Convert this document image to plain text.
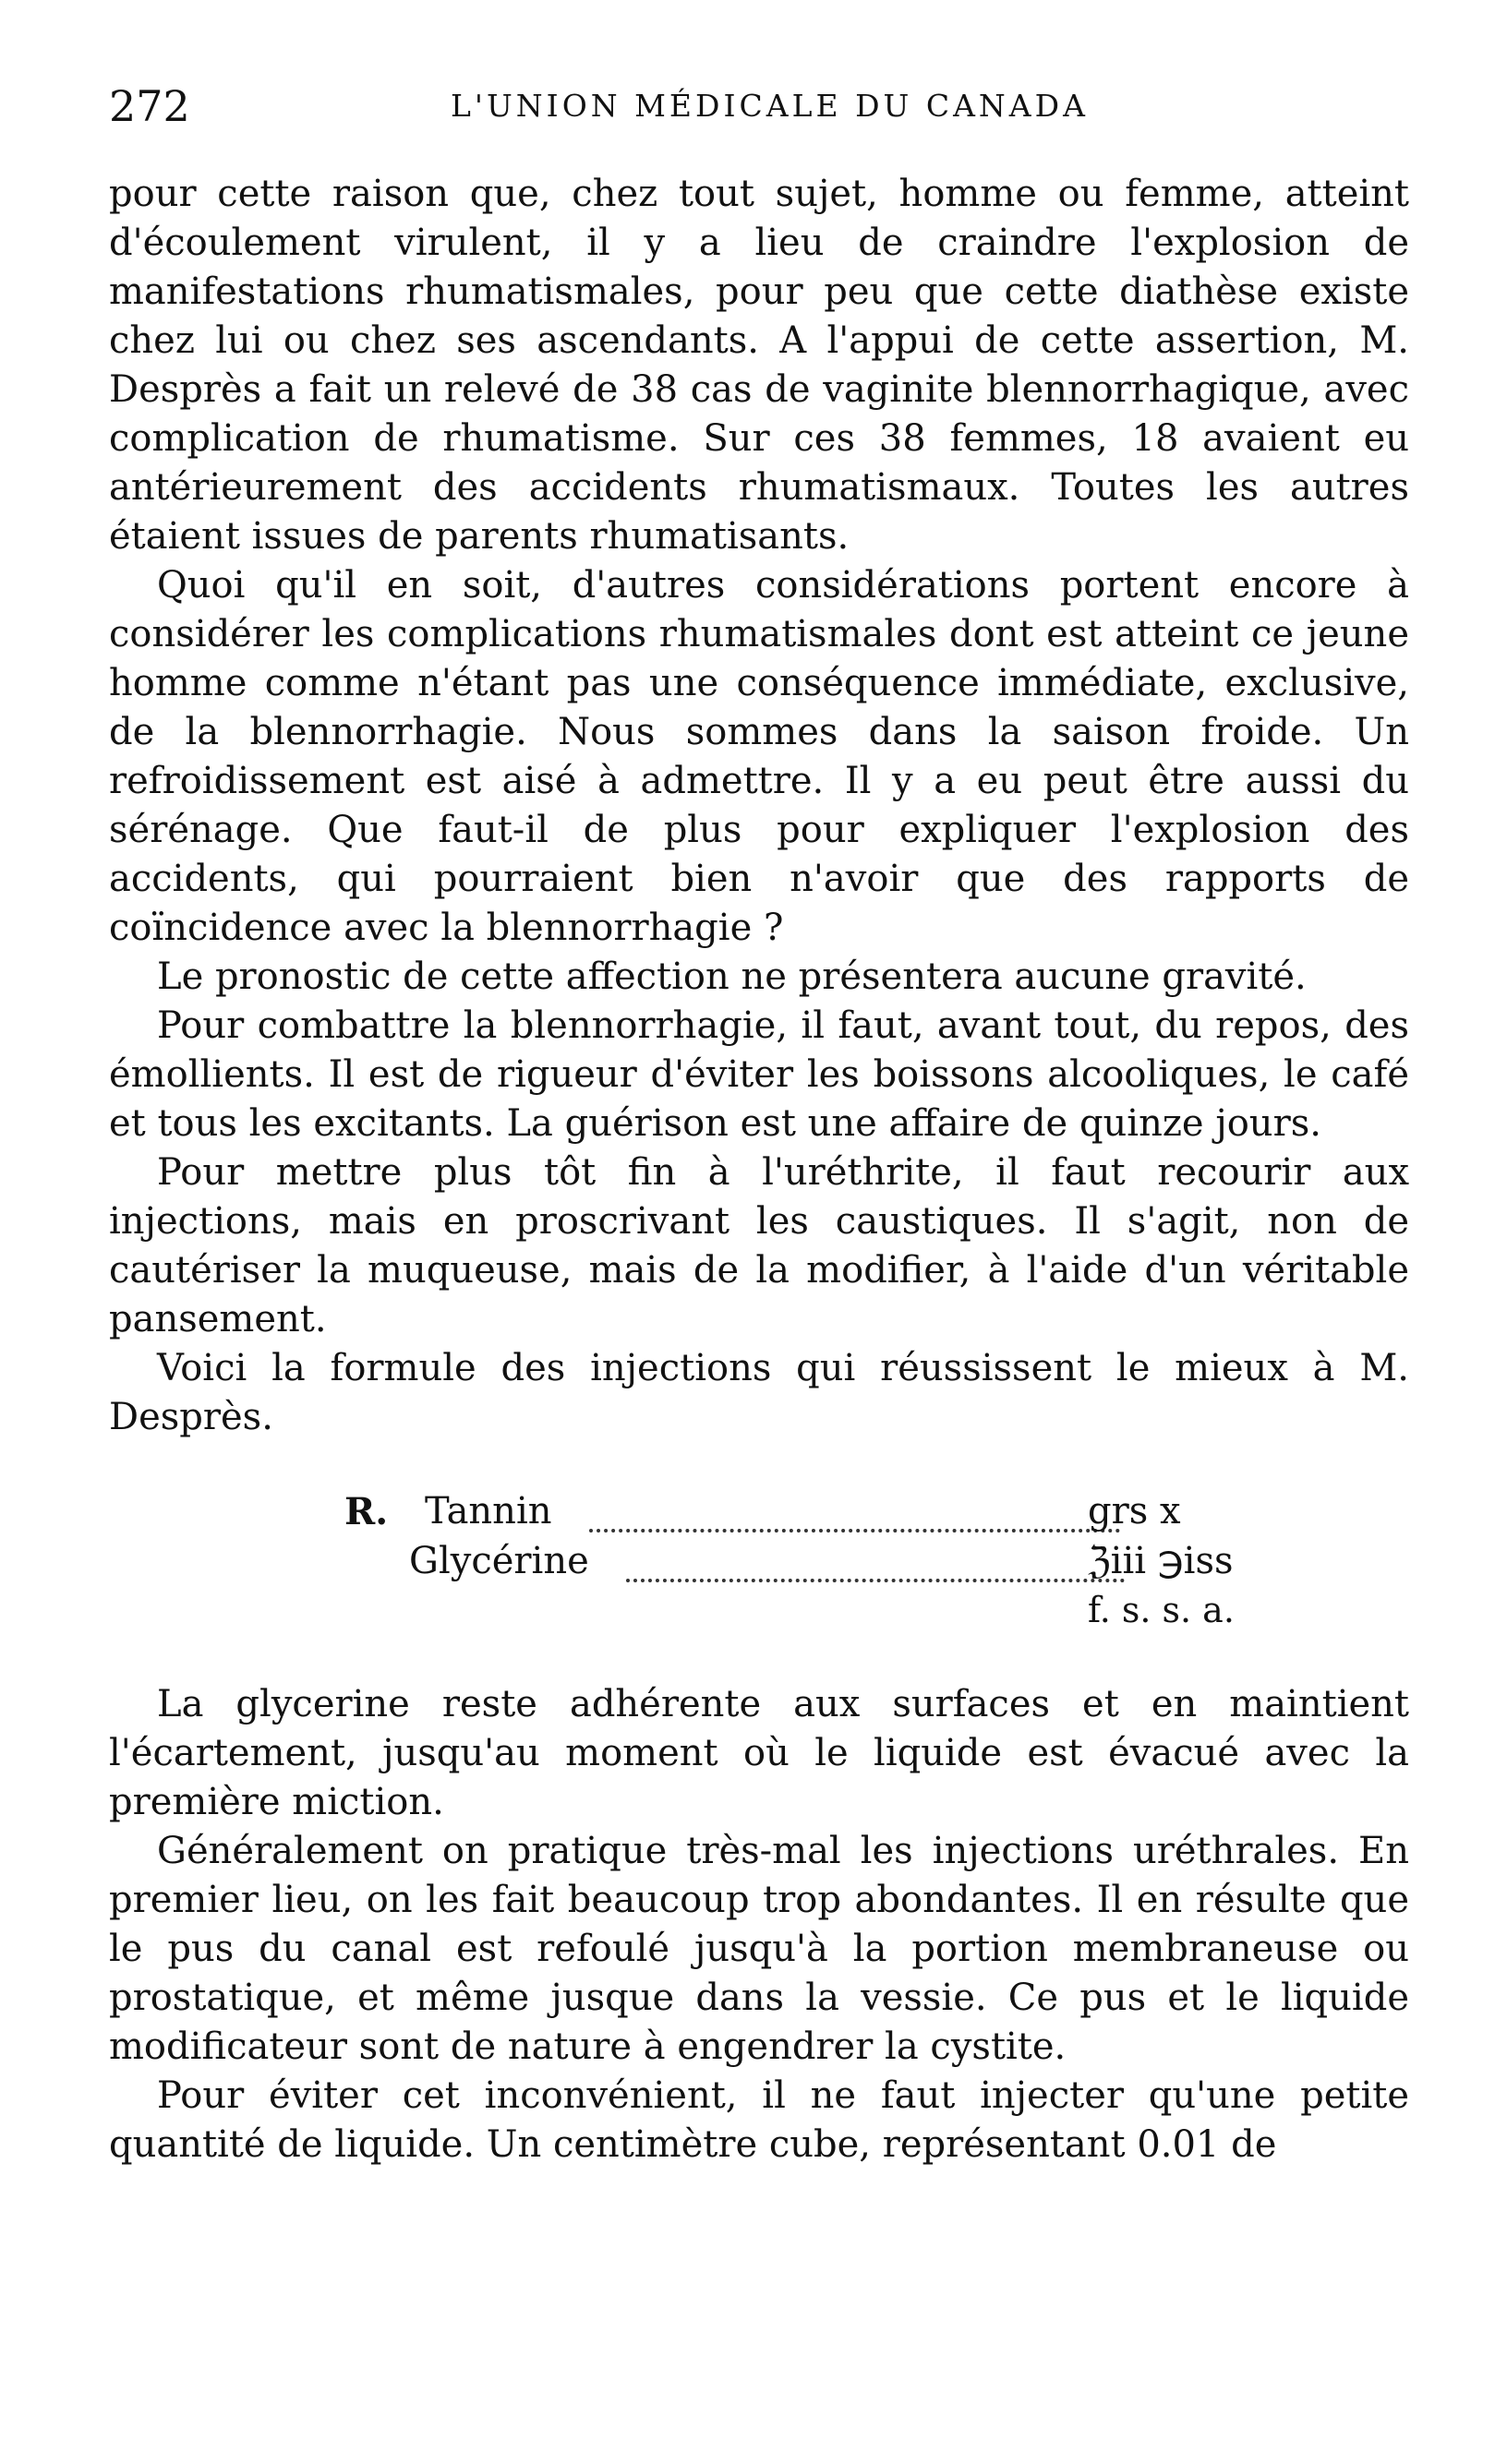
272	L'UNION MÉDICALE DU CANADA

pour cette raison que, chez tout sujet, homme ou femme, atteint d'écoulement virulent, il y a lieu de craindre l'explosion de manifestations rhumatismales, pour peu que cette diathèse existe chez lui ou chez ses ascendants. A l'appui de cette assertion, M. Desprès a fait un relevé de 38 cas de vaginite blennorrhagique, avec complication de rhumatisme. Sur ces 38 femmes, 18 avaient eu antérieurement des accidents rhumatismaux. Toutes les autres étaient issues de parents rhumatisants.

Quoi qu'il en soit, d'autres considérations portent encore à considérer les complications rhumatismales dont est atteint ce jeune homme comme n'étant pas une conséquence immédiate, exclusive, de la blennorrhagie. Nous sommes dans la saison froide. Un refroidissement est aisé à admettre. Il y a eu peut être aussi du sérénage. Que faut-il de plus pour expliquer l'explosion des accidents, qui pourraient bien n'avoir que des rapports de coïncidence avec la blennorrhagie ?

Le pronostic de cette affection ne présentera aucune gravité.

Pour combattre la blennorrhagie, il faut, avant tout, du repos, des émollients. Il est de rigueur d'éviter les boissons alcooliques, le café et tous les excitants. La guérison est une affaire de quinze jours.

Pour mettre plus tôt fin à l'uréthrite, il faut recourir aux injections, mais en proscrivant les caustiques. Il s'agit, non de cautériser la muqueuse, mais de la modifier, à l'aide d'un véritable pansement.

Voici la formule des injections qui réussissent le mieux à M. Desprès.

R. Tannin	grs x
Glycérine	ℨiii ℈iss
f. s. s. a.

La glycerine reste adhérente aux surfaces et en maintient l'écartement, jusqu'au moment où le liquide est évacué avec la première miction.

Généralement on pratique très-mal les injections uréthrales. En premier lieu, on les fait beaucoup trop abondantes. Il en résulte que le pus du canal est refoulé jusqu'à la portion membraneuse ou prostatique, et même jusque dans la vessie. Ce pus et le liquide modificateur sont de nature à engendrer la cystite.

Pour éviter cet inconvénient, il ne faut injecter qu'une petite quantité de liquide. Un centimètre cube, représentant 0.01 de
